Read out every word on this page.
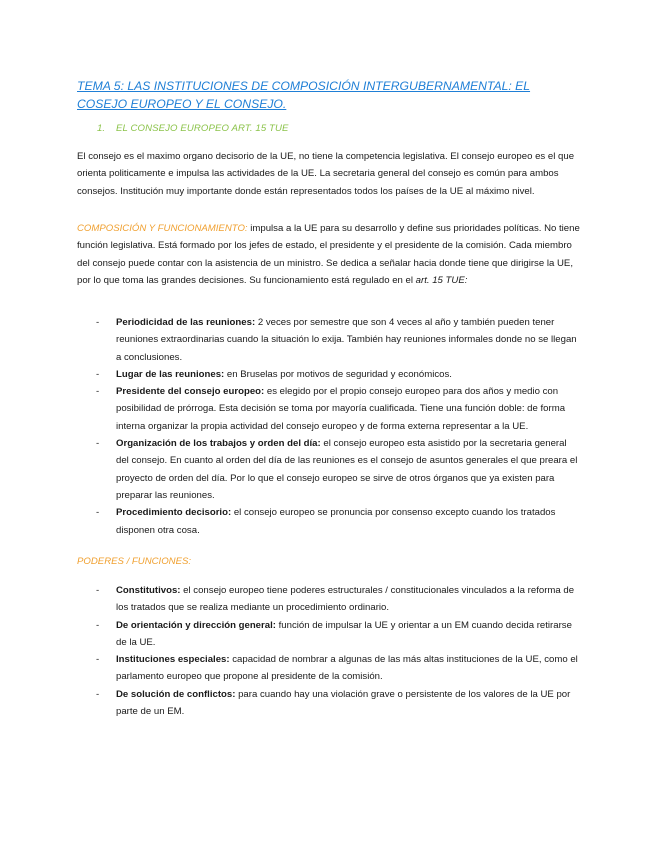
TEMA 5: LAS INSTITUCIONES DE COMPOSICIÓN INTERGUBERNAMENTAL: EL COSEJO EUROPEO Y EL CONSEJO.
1. EL CONSEJO EUROPEO ART. 15 TUE

El consejo es el maximo organo decisorio de la UE, no tiene la competencia legislativa. El consejo europeo es el que orienta politicamente e impulsa las actividades de la UE. La secretaria general del consejo es común para ambos consejos. Institución muy importante donde están representados todos los países de la UE al máximo nivel.

COMPOSICIÓN Y FUNCIONAMIENTO: impulsa a la UE para su desarrollo y define sus prioridades políticas. No tiene función legislativa. Está formado por los jefes de estado, el presidente y el presidente de la comisión. Cada miembro del consejo puede contar con la asistencia de un ministro. Se dedica a señalar hacia donde tiene que dirigirse la UE, por lo que toma las grandes decisiones. Su funcionamiento está regulado en el art. 15 TUE:

- Periodicidad de las reuniones: 2 veces por semestre que son 4 veces al año y también pueden tener reuniones extraordinarias cuando la situación lo exija. También hay reuniones informales donde no se llegan a conclusiones.
- Lugar de las reuniones: en Bruselas por motivos de seguridad y económicos.
- Presidente del consejo europeo: es elegido por el propio consejo europeo para dos años y medio con posibilidad de prórroga. Esta decisión se toma por mayoría cualificada. Tiene una función doble: de forma interna organizar la propia actividad del consejo europeo y de forma externa representar a la UE.
- Organización de los trabajos y orden del día: el consejo europeo esta asistido por la secretaria general del consejo. En cuanto al orden del día de las reuniones es el consejo de asuntos generales el que preara el proyecto de orden del día. Por lo que el consejo europeo se sirve de otros órganos que ya existen para preparar las reuniones.
- Procedimiento decisorio: el consejo europeo se pronuncia por consenso excepto cuando los tratados disponen otra cosa.
PODERES / FUNCIONES:
- Constitutivos: el consejo europeo tiene poderes estructurales / constitucionales vinculados a la reforma de los tratados que se realiza mediante un procedimiento ordinario.
- De orientación y dirección general: función de impulsar la UE y orientar a un EM cuando decida retirarse de la UE.
- Instituciones especiales: capacidad de nombrar a algunas de las más altas instituciones de la UE, como el parlamento europeo que propone al presidente de la comisión.
- De solución de conflictos: para cuando hay una violación grave o persistente de los valores de la UE por parte de un EM.
